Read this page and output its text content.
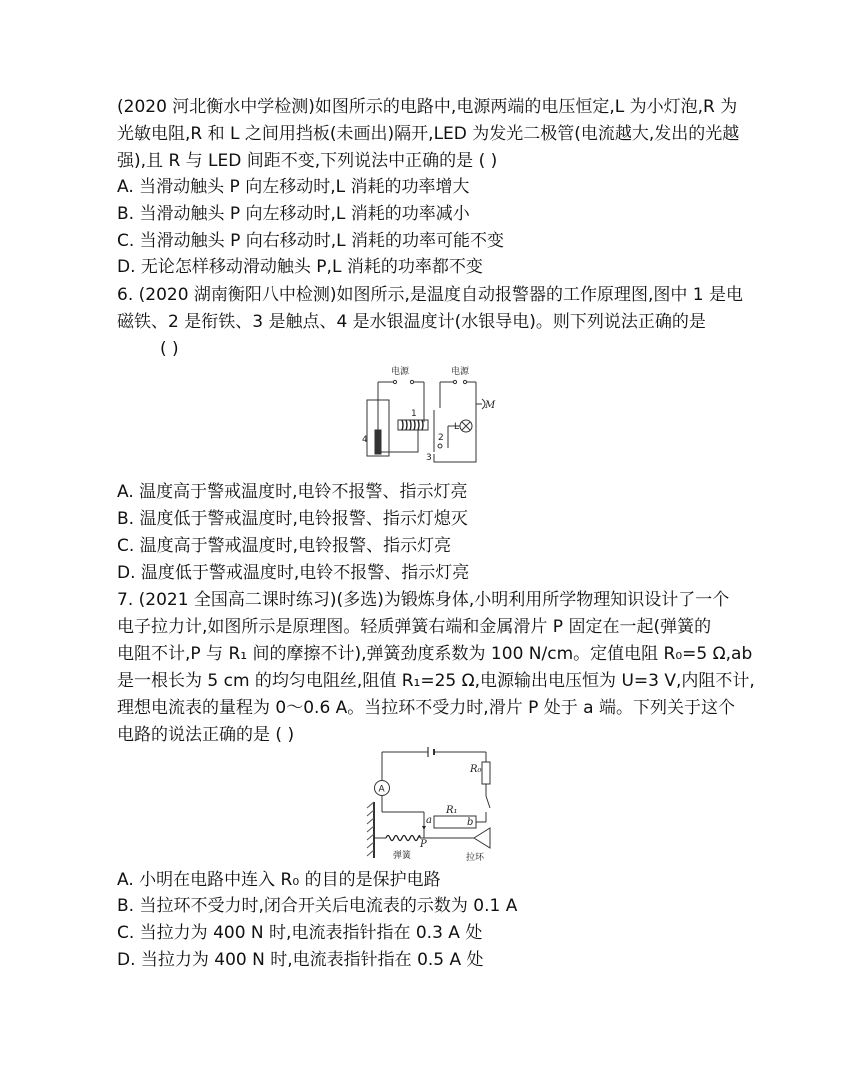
(2020 河北衡水中学检测)如图所示的电路中,电源两端的电压恒定,L 为小灯泡,R 为
光敏电阻,R 和 L 之间用挡板(未画出)隔开,LED 为发光二极管(电流越大,发出的光越
强),且 R 与 LED 间距不变,下列说法中正确的是 ( )
A. 当滑动触头 P 向左移动时,L 消耗的功率增大
B. 当滑动触头 P 向左移动时,L 消耗的功率减小
C. 当滑动触头 P 向右移动时,L 消耗的功率可能不变
D. 无论怎样移动滑动触头 P,L 消耗的功率都不变
6. (2020 湖南衡阳八中检测)如图所示,是温度自动报警器的工作原理图,图中 1 是电
磁铁、2 是衔铁、3 是触点、4 是水银温度计(水银导电)。则下列说法正确的是
( )
电源	电源
M
L
1
2
3
4
A. 温度高于警戒温度时,电铃不报警、指示灯亮
B. 温度低于警戒温度时,电铃报警、指示灯熄灭
C. 温度高于警戒温度时,电铃报警、指示灯亮
D. 温度低于警戒温度时,电铃不报警、指示灯亮
7. (2021 全国高二课时练习)(多选)为锻炼身体,小明利用所学物理知识设计了一个
电子拉力计,如图所示是原理图。轻质弹簧右端和金属滑片 P 固定在一起(弹簧的
电阻不计,P 与 R₁ 间的摩擦不计),弹簧劲度系数为 100 N/cm。定值电阻 R₀=5 Ω,ab
是一根长为 5 cm 的均匀电阻丝,阻值 R₁=25 Ω,电源输出电压恒为 U=3 V,内阻不计,
理想电流表的量程为 0～0.6 A。当拉环不受力时,滑片 P 处于 a 端。下列关于这个
电路的说法正确的是 ( )
A
R₀
R₁
a	b
P
弹簧	拉环
A. 小明在电路中连入 R₀ 的目的是保护电路
B. 当拉环不受力时,闭合开关后电流表的示数为 0.1 A
C. 当拉力为 400 N 时,电流表指针指在 0.3 A 处
D. 当拉力为 400 N 时,电流表指针指在 0.5 A 处
